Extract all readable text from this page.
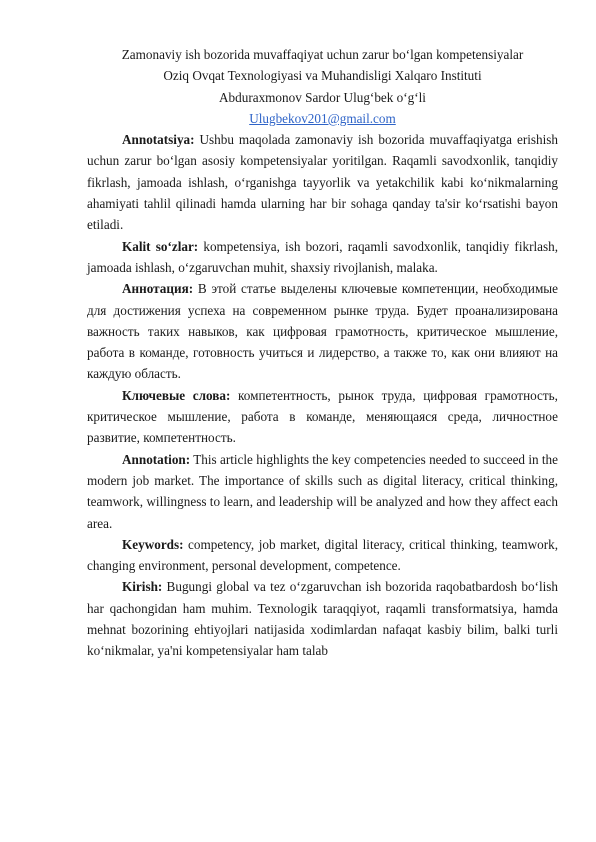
Zamonaviy ish bozorida muvaffaqiyat uchun zarur bo‘lgan kompetensiyalar
Oziq Ovqat Texnologiyasi va Muhandisligi Xalqaro Instituti
Abduraxmonov Sardor Ulug‘bek o‘g‘li
Ulugbekov201@gmail.com

Annotatsiya: Ushbu maqolada zamonaviy ish bozorida muvaffaqiyatga erishish uchun zarur bo‘lgan asosiy kompetensiyalar yoritilgan. Raqamli savodxonlik, tanqidiy fikrlash, jamoada ishlash, o‘rganishga tayyorlik va yetakchilik kabi ko‘nikmalarning ahamiyati tahlil qilinadi hamda ularning har bir sohaga qanday ta'sir ko‘rsatishi bayon etiladi.

Kalit so‘zlar: kompetensiya, ish bozori, raqamli savodxonlik, tanqidiy fikrlash, jamoada ishlash, o‘zgaruvchan muhit, shaxsiy rivojlanish, malaka.

Аннотация: В этой статье выделены ключевые компетенции, необходимые для достижения успеха на современном рынке труда. Будет проанализирована важность таких навыков, как цифровая грамотность, критическое мышление, работа в команде, готовность учиться и лидерство, а также то, как они влияют на каждую область.

Ключевые слова: компетентность, рынок труда, цифровая грамотность, критическое мышление, работа в команде, меняющаяся среда, личностное развитие, компетентность.

Annotation: This article highlights the key competencies needed to succeed in the modern job market. The importance of skills such as digital literacy, critical thinking, teamwork, willingness to learn, and leadership will be analyzed and how they affect each area.

Keywords: competency, job market, digital literacy, critical thinking, teamwork, changing environment, personal development, competence.

Kirish: Bugungi global va tez o‘zgaruvchan ish bozorida raqobatbardosh bo‘lish har qachongidan ham muhim. Texnologik taraqqiyot, raqamli transformatsiya, hamda mehnat bozorining ehtiyojlari natijasida xodimlardan nafaqat kasbiy bilim, balki turli ko‘nikmalar, ya'ni kompetensiyalar ham talab
